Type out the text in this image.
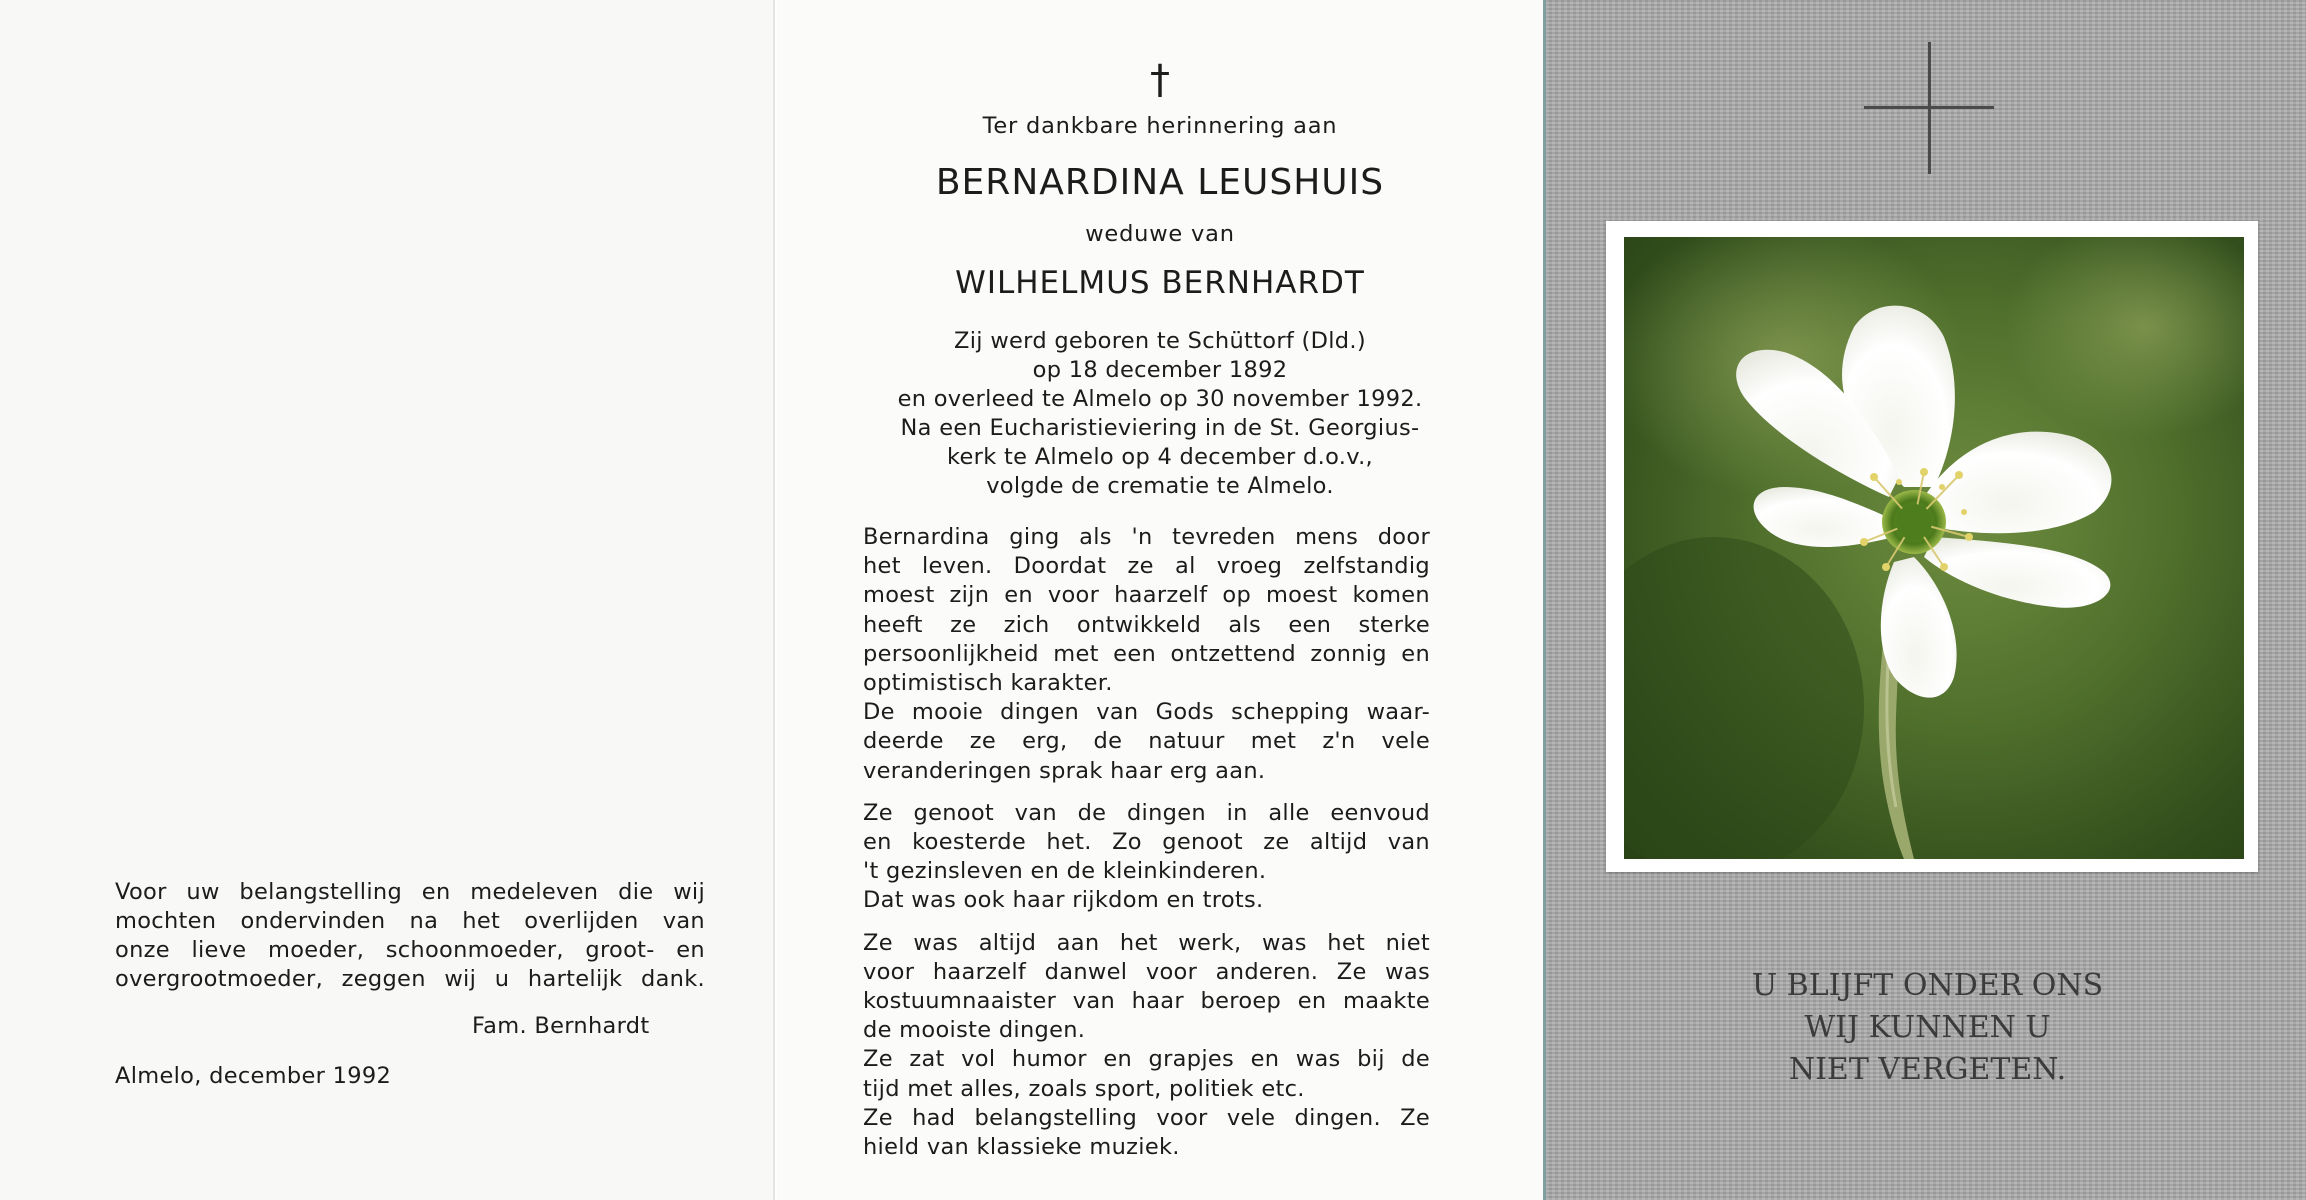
Voor uw belangstelling en medeleven die wij
mochten ondervinden na het overlijden van
onze lieve moeder, schoonmoeder, groot- en
overgrootmoeder, zeggen wij u hartelijk dank.

Fam. Bernhardt
Almelo, december 1992
†
Ter dankbare herinnering aan
BERNARDINA LEUSHUIS
weduwe van
WILHELMUS BERNHARDT
Zij werd geboren te Schüttorf (Dld.)
op 18 december 1892
en overleed te Almelo op 30 november 1992.
Na een Eucharistieviering in de St. Georgius-
kerk te Almelo op 4 december d.o.v.,
volgde de crematie te Almelo.

Bernardina ging als 'n tevreden mens door
het leven. Doordat ze al vroeg zelfstandig
moest zijn en voor haarzelf op moest komen
heeft ze zich ontwikkeld als een sterke
persoonlijkheid met een ontzettend zonnig en
optimistisch karakter.
De mooie dingen van Gods schepping waar-
deerde ze erg, de natuur met z'n vele
veranderingen sprak haar erg aan.

Ze genoot van de dingen in alle eenvoud
en koesterde het. Zo genoot ze altijd van
't gezinsleven en de kleinkinderen.
Dat was ook haar rijkdom en trots.

Ze was altijd aan het werk, was het niet
voor haarzelf danwel voor anderen. Ze was
kostuumnaaister van haar beroep en maakte
de mooiste dingen.
Ze zat vol humor en grapjes en was bij de
tijd met alles, zoals sport, politiek etc.
Ze had belangstelling voor vele dingen. Ze
hield van klassieke muziek.

U BLIJFT ONDER ONS
WIJ KUNNEN U
NIET VERGETEN.
